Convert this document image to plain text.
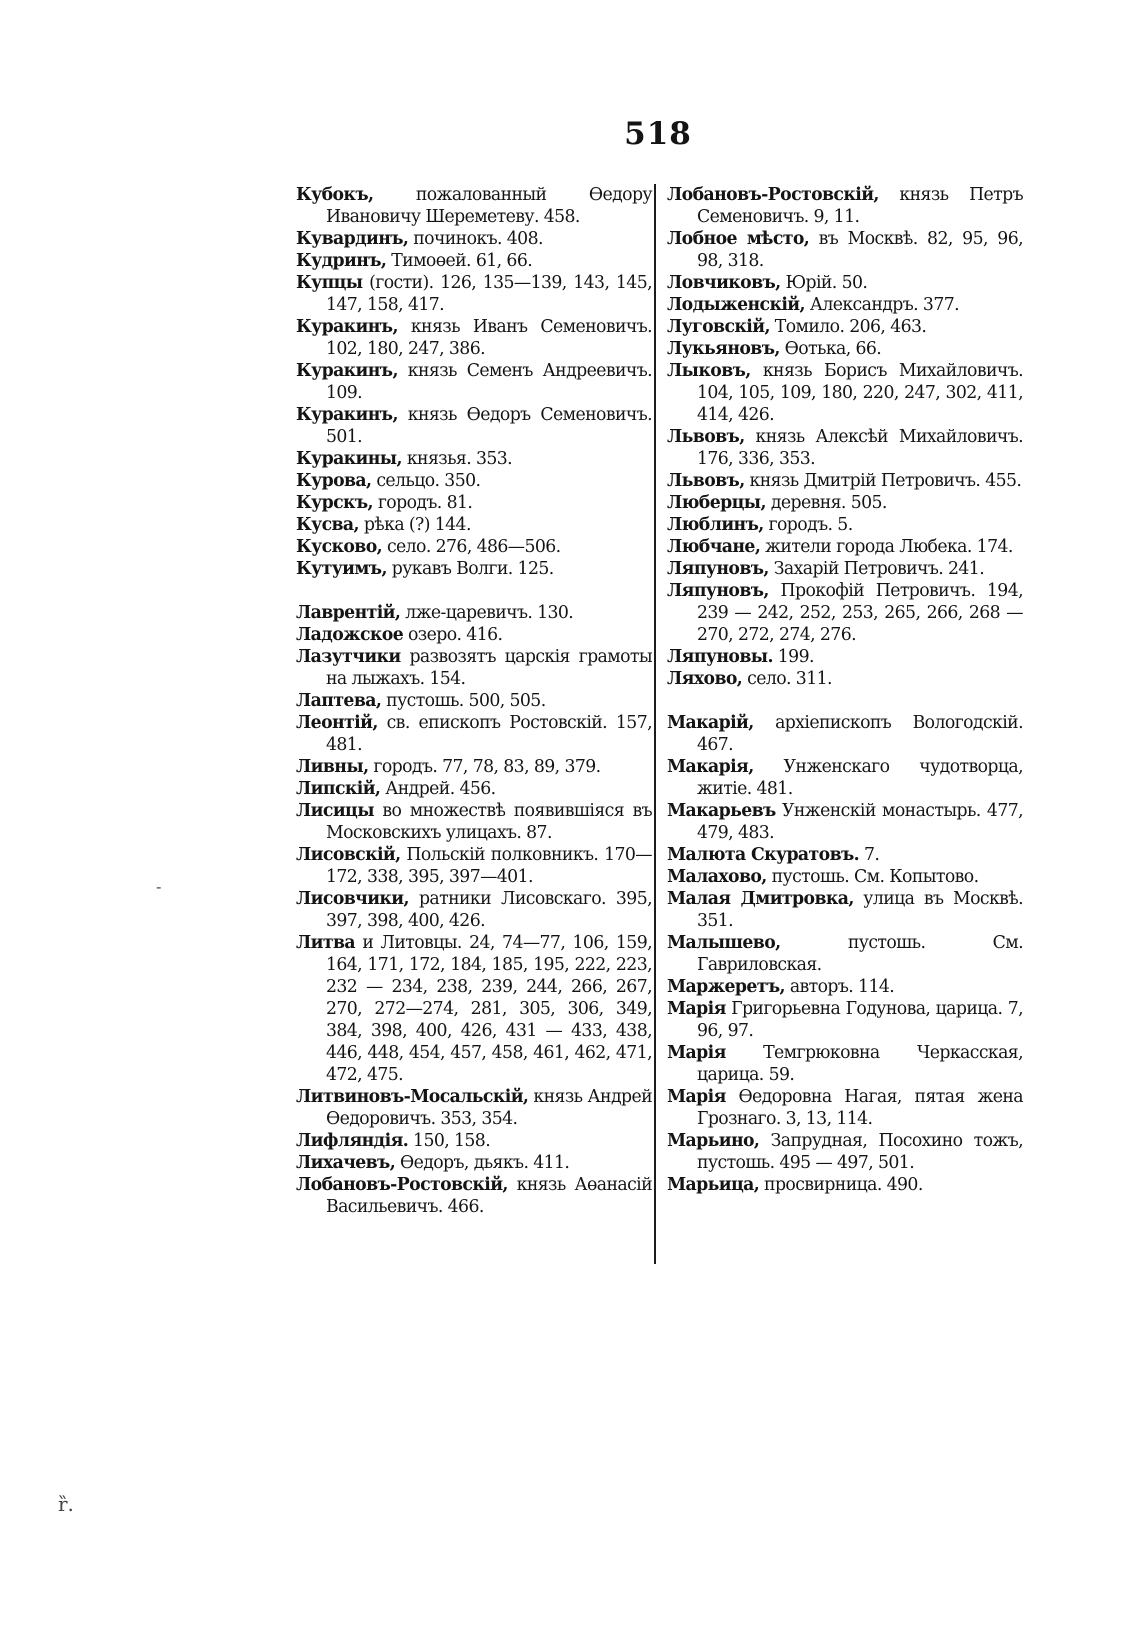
518
Кубокъ, пожалованный Өедору Ивановичу Шереметеву. 458.
Кувардинъ, починокъ. 408.
Кудринъ, Тимоөей. 61, 66.
Купцы (гости). 126, 135—139, 143, 145, 147, 158, 417.
Куракинъ, князь Иванъ Семеновичъ. 102, 180, 247, 386.
Куракинъ, князь Семенъ Андреевичъ. 109.
Куракинъ, князь Өедоръ Семеновичъ. 501.
Куракины, князья. 353.
Курова, сельцо. 350.
Курскъ, городъ. 81.
Кусва, рѣка (?) 144.
Кусково, село. 276, 486—506.
Кутуимъ, рукавъ Волги. 125.
Лаврентій, лже-царевичъ. 130.
Ладожское озеро. 416.
Лазутчики развозятъ царскія грамоты на лыжахъ. 154.
Лаптева, пустошь. 500, 505.
Леонтій, св. епископъ Ростовскій. 157, 481.
Ливны, городъ. 77, 78, 83, 89, 379.
Липскій, Андрей. 456.
Лисицы во множествѣ появившіяся въ Московскихъ улицахъ. 87.
Лисовскій, Польскій полковникъ. 170—172, 338, 395, 397—401.
Лисовчики, ратники Лисовскаго. 395, 397, 398, 400, 426.
Литва и Литовцы. 24, 74—77, 106, 159, 164, 171, 172, 184, 185, 195, 222, 223, 232 — 234, 238, 239, 244, 266, 267, 270, 272—274, 281, 305, 306, 349, 384, 398, 400, 426, 431 — 433, 438, 446, 448, 454, 457, 458, 461, 462, 471, 472, 475.
Литвиновъ-Мосальскій, князь Андрей Өедоровичъ. 353, 354.
Лифляндія. 150, 158.
Лихачевъ, Өедоръ, дьякъ. 411.
Лобановъ-Ростовскій, князь Аөанасій Васильевичъ. 466.
Лобановъ-Ростовскій, князь Петръ Семеновичъ. 9, 11.
Лобное мѣсто, въ Москвѣ. 82, 95, 96, 98, 318.
Ловчиковъ, Юрій. 50.
Лодыженскій, Александръ. 377.
Луговскій, Томило. 206, 463.
Лукьяновъ, Өотька, 66.
Лыковъ, князь Борисъ Михайловичъ. 104, 105, 109, 180, 220, 247, 302, 411, 414, 426.
Львовъ, князь Алексѣй Михайловичъ. 176, 336, 353.
Львовъ, князь Дмитрій Петровичъ. 455.
Люберцы, деревня. 505.
Люблинъ, городъ. 5.
Любчане, жители города Любека. 174.
Ляпуновъ, Захарій Петровичъ. 241.
Ляпуновъ, Прокофій Петровичъ. 194, 239 — 242, 252, 253, 265, 266, 268 — 270, 272, 274, 276.
Ляпуновы. 199.
Ляхово, село. 311.
Макарій, архіепископъ Вологодскій. 467.
Макарія, Унженскаго чудотворца, житіе. 481.
Макарьевъ Унженскій монастырь. 477, 479, 483.
Малюта Скуратовъ. 7.
Малахово, пустошь. См. Копытово.
Малая Дмитровка, улица въ Москвѣ. 351.
Малышево, пустошь. См. Гавриловская.
Маржеретъ, авторъ. 114.
Марія Григорьевна Годунова, царица. 7, 96, 97.
Марія Темгрюковна Черкасская, царица. 59.
Марія Өедоровна Нагая, пятая жена Грознаго. 3, 13, 114.
Марьино, Запрудная, Посохино тожъ, пустошь. 495 — 497, 501.
Марьица, просвирница. 490.
-
ȑ.
